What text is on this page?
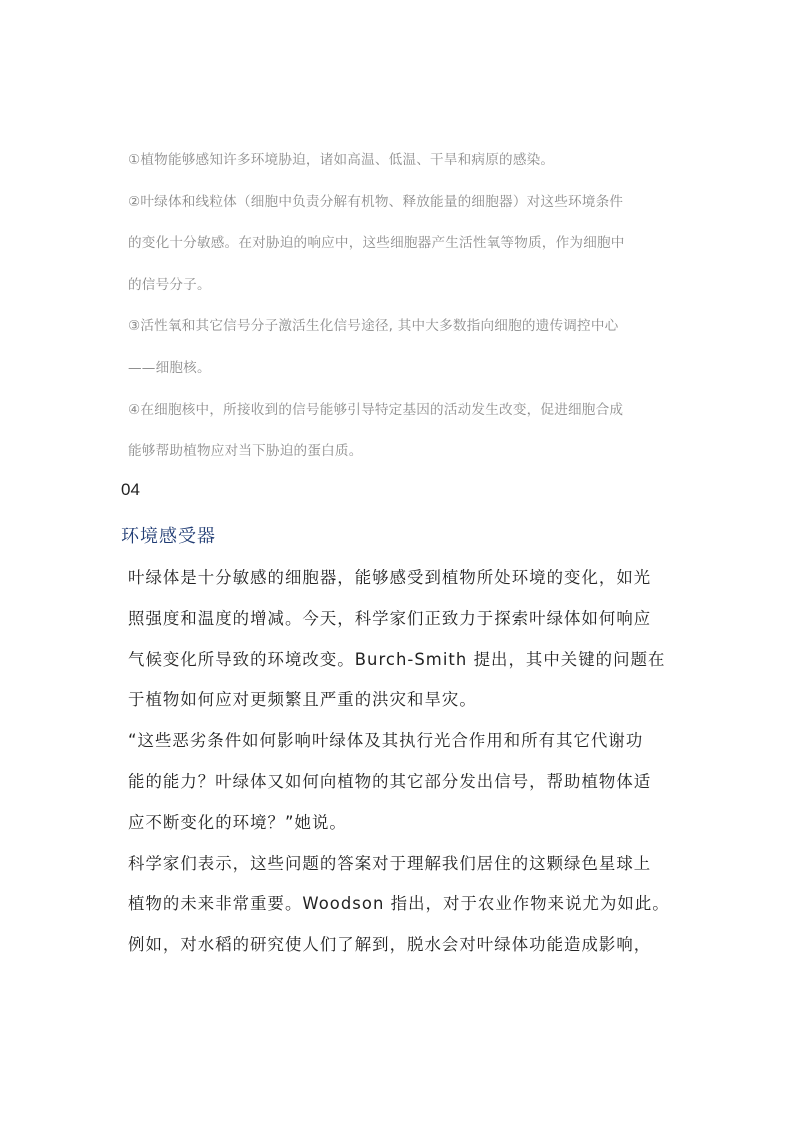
①植物能够感知许多环境胁迫，诸如高温、低温、干旱和病原的感染。
②叶绿体和线粒体（细胞中负责分解有机物、释放能量的细胞器）对这些环境条件
的变化十分敏感。在对胁迫的响应中，这些细胞器产生活性氧等物质，作为细胞中
的信号分子。
③活性氧和其它信号分子激活生化信号途径, 其中大多数指向细胞的遗传调控中心
——细胞核。
④在细胞核中，所接收到的信号能够引导特定基因的活动发生改变，促进细胞合成
能够帮助植物应对当下胁迫的蛋白质。
04
环境感受器
叶绿体是十分敏感的细胞器，能够感受到植物所处环境的变化，如光
照强度和温度的增减。今天，科学家们正致力于探索叶绿体如何响应
气候变化所导致的环境改变。Burch-Smith 提出，其中关键的问题在
于植物如何应对更频繁且严重的洪灾和旱灾。
“这些恶劣条件如何影响叶绿体及其执行光合作用和所有其它代谢功
能的能力？叶绿体又如何向植物的其它部分发出信号，帮助植物体适
应不断变化的环境？”她说。
科学家们表示，这些问题的答案对于理解我们居住的这颗绿色星球上
植物的未来非常重要。Woodson 指出，对于农业作物来说尤为如此。
例如，对水稻的研究使人们了解到，脱水会对叶绿体功能造成影响，
